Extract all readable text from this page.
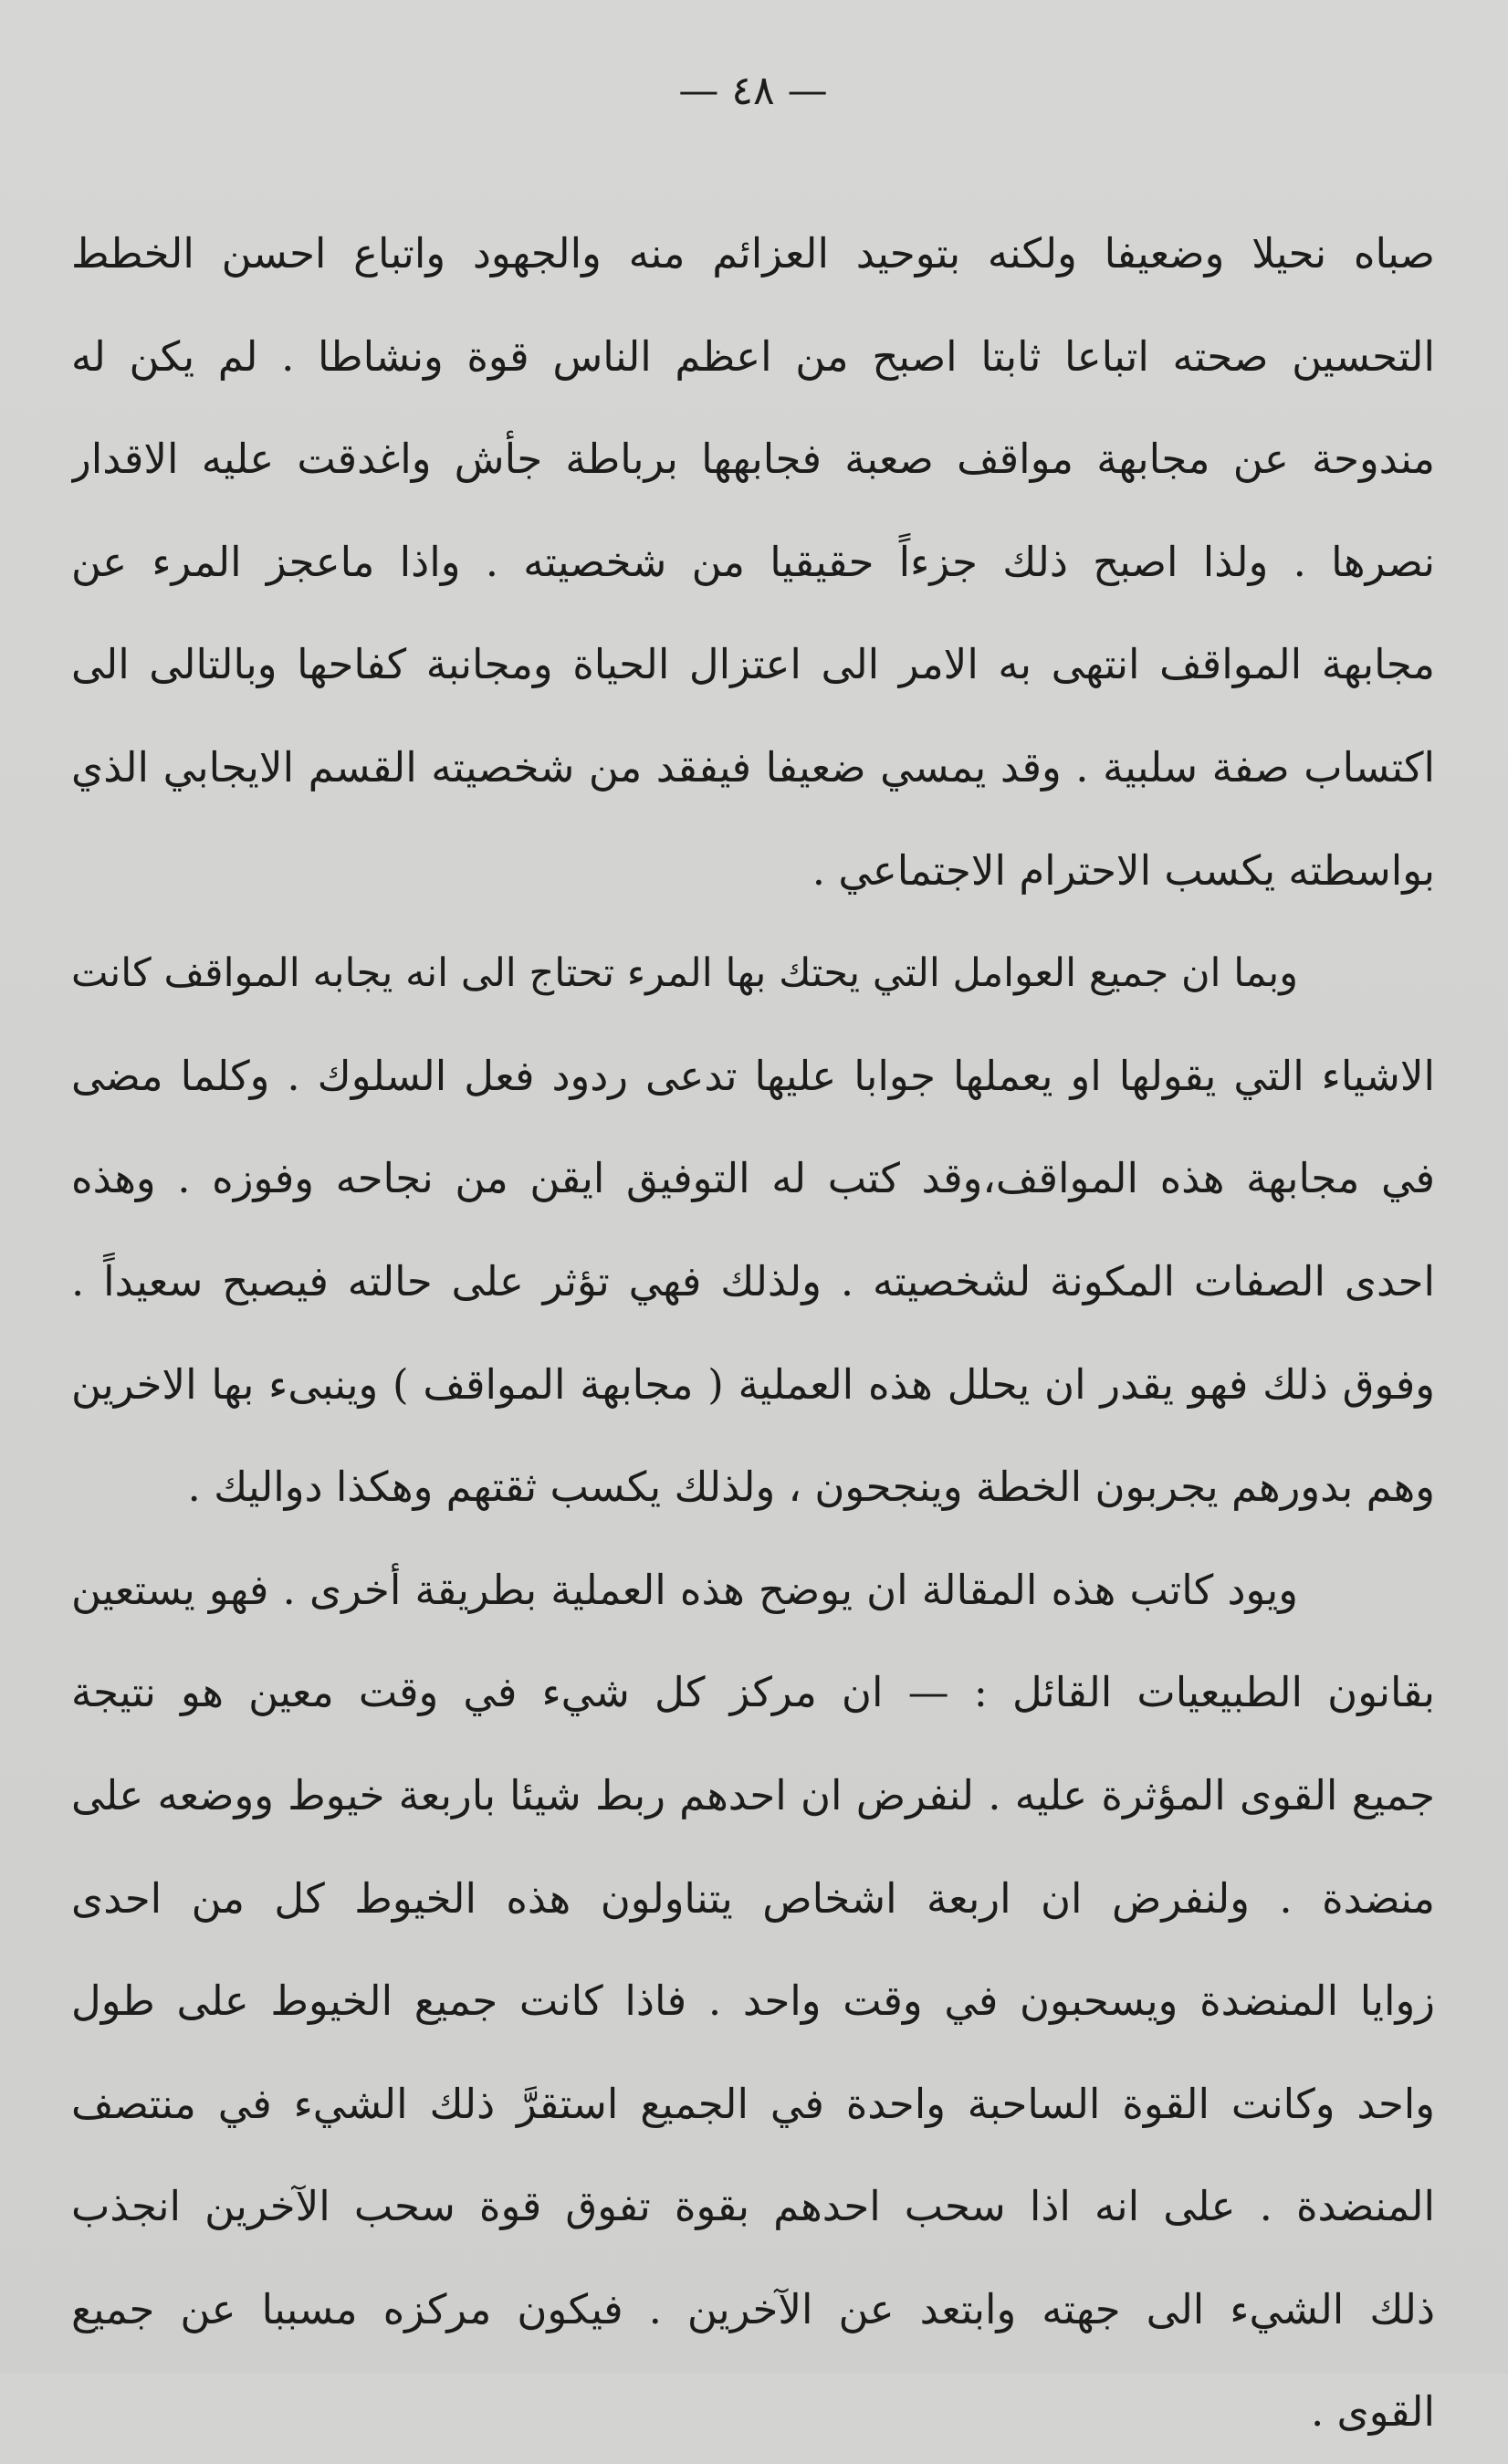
— ٤٨ —
صباه نحيلا وضعيفا ولكنه بتوحيد العزائم منه والجهود واتباع احسن الخطط
التحسين صحته اتباعا ثابتا اصبح من اعظم الناس قوة ونشاطا . لم يكن له
مندوحة عن مجابهة مواقف صعبة فجابهها برباطة جأش واغدقت عليه الاقدار
نصرها . ولذا اصبح ذلك جزءاً حقيقيا من شخصيته . واذا ماعجز المرء عن
مجابهة المواقف انتهى به الامر الى اعتزال الحياة ومجانبة كفاحها وبالتالى الى
اكتساب صفة سلبية . وقد يمسي ضعيفا فيفقد من شخصيته القسم الايجابي الذي
بواسطته يكسب الاحترام الاجتماعي .
وبما ان جميع العوامل التي يحتك بها المرء تحتاج الى انه يجابه المواقف كانت
الاشياء التي يقولها او يعملها جوابا عليها تدعى ردود فعل السلوك . وكلما مضى
في مجابهة هذه المواقف،وقد كتب له التوفيق ايقن من نجاحه وفوزه . وهذه
احدى الصفات المكونة لشخصيته . ولذلك فهي تؤثر على حالته فيصبح سعيداً .
وفوق ذلك فهو يقدر ان يحلل هذه العملية ( مجابهة المواقف ) وينبىء بها الاخرين
وهم بدورهم يجربون الخطة وينجحون ، ولذلك يكسب ثقتهم وهكذا دواليك .
ويود كاتب هذه المقالة ان يوضح هذه العملية بطريقة أخرى . فهو يستعين
بقانون الطبيعيات القائل : — ان مركز كل شيء في وقت معين هو نتيجة
جميع القوى المؤثرة عليه . لنفرض ان احدهم ربط شيئا باربعة خيوط ووضعه على
منضدة . ولنفرض ان اربعة اشخاص يتناولون هذه الخيوط كل من احدى
زوايا المنضدة ويسحبون في وقت واحد . فاذا كانت جميع الخيوط على طول
واحد وكانت القوة الساحبة واحدة في الجميع استقرَّ ذلك الشيء في منتصف
المنضدة . على انه اذا سحب احدهم بقوة تفوق قوة سحب الآخرين انجذب
ذلك الشيء الى جهته وابتعد عن الآخرين . فيكون مركزه مسببا عن جميع
القوى .
